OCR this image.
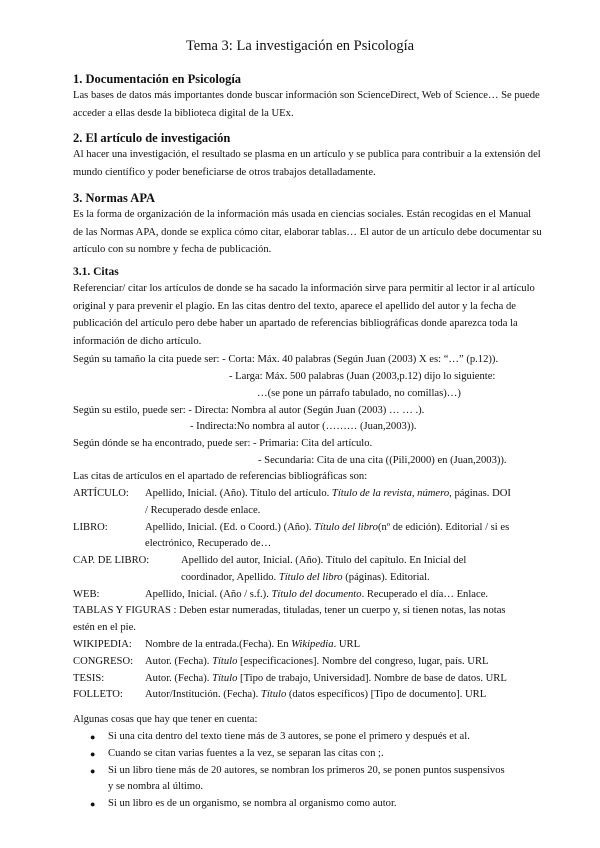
Tema 3: La investigación en Psicología
1. Documentación en Psicología
Las bases de datos más importantes donde buscar información son ScienceDirect, Web of Science… Se puede acceder a ellas desde la biblioteca digital de la UEx.
2. El artículo de investigación
Al hacer una investigación, el resultado se plasma en un artículo y se publica para contribuir a la extensión del mundo científico y poder beneficiarse de otros trabajos detalladamente.
3. Normas APA
Es la forma de organización de la información más usada en ciencias sociales. Están recogidas en el Manual de las Normas APA, donde se explica cómo citar, elaborar tablas… El autor de un artículo debe documentar su artículo con su nombre y fecha de publicación.
3.1. Citas
Referenciar/ citar los artículos de donde se ha sacado la información sirve para permitir al lector ir al artículo original y para prevenir el plagio. En las citas dentro del texto, aparece el apellido del autor y la fecha de publicación del artículo pero debe haber un apartado de referencias bibliográficas donde aparezca toda la información de dicho artículo.
Según su tamaño la cita puede ser: - Corta: Máx. 40 palabras (Según Juan (2003) X es: “…” (p.12)).
- Larga: Máx. 500 palabras (Juan (2003,p.12) dijo lo siguiente:
…(se pone un párrafo tabulado, no comillas)…)
Según su estilo, puede ser: - Directa: Nombra al autor (Según Juan (2003) … … .).
- Indirecta:No nombra al autor (……… (Juan,2003)).
Según dónde se ha encontrado, puede ser: - Primaria: Cita del artículo.
- Secundaria: Cita de una cita ((Pili,2000) en (Juan,2003)).
Las citas de artículos en el apartado de referencias bibliográficas son:
ARTÍCULO: Apellido, Inicial. (Año). Título del artículo. Título de la revista, número, páginas. DOI
/ Recuperado desde enlace.
LIBRO:	Apellido, Inicial. (Ed. o Coord.) (Año). Título del libro(nº de edición). Editorial / si es
electrónico, Recuperado de…
CAP. DE LIBRO:	Apellido del autor, Inicial. (Año). Título del capítulo. En Inicial del
coordinador, Apellido. Título del libro (páginas). Editorial.
WEB:	Apellido, Inicial. (Año / s.f.). Título del documento. Recuperado el día… Enlace.
TABLAS Y FIGURAS : Deben estar numeradas, tituladas, tener un cuerpo y, si tienen notas, las notas
estén en el pie.
WIKIPEDIA: Nombre de la entrada.(Fecha). En Wikipedia. URL
CONGRESO: Autor. (Fecha). Título [especificaciones]. Nombre del congreso, lugar, país. URL
TESIS:	Autor. (Fecha). Título [Tipo de trabajo, Universidad]. Nombre de base de datos. URL
FOLLETO: Autor/Institución. (Fecha). Título (datos específicos) [Tipo de documento]. URL
Algunas cosas que hay que tener en cuenta:
● Si una cita dentro del texto tiene más de 3 autores, se pone el primero y después et al.
● Cuando se citan varias fuentes a la vez, se separan las citas con ;.
● Si un libro tiene más de 20 autores, se nombran los primeros 20, se ponen puntos suspensivos
y se nombra al último.
● Si un libro es de un organismo, se nombra al organismo como autor.
